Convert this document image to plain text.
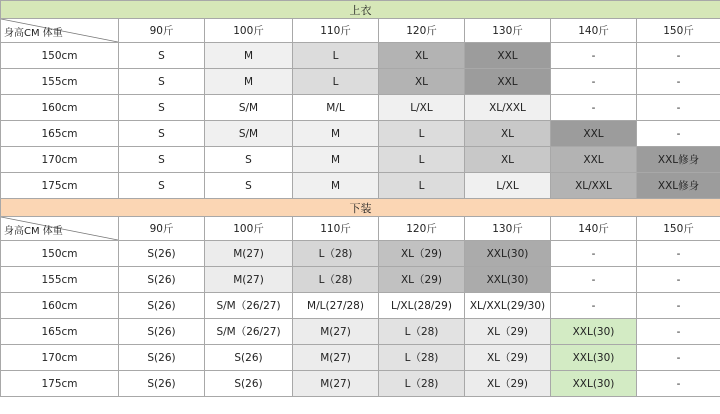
上衣							

身高CM 体重	90斤	100斤	110斤	120斤	130斤	140斤	150斤
150cm	S	M	L	XL	XXL	-	-
155cm	S	M	L	XL	XXL	-	-
160cm	S	S/M	M/L	L/XL	XL/XXL	-	-
165cm	S	S/M	M	L	XL	XXL	-
170cm	S	S	M	L	XL	XXL	XXL修身
175cm	S	S	M	L	L/XL	XL/XXL	XXL修身
下装							

身高CM 体重	90斤	100斤	110斤	120斤	130斤	140斤	150斤
150cm	S(26)	M(27)	L（28)	XL（29)	XXL(30)	-	-
155cm	S(26)	M(27)	L（28)	XL（29)	XXL(30)	-	-
160cm	S(26)	S/M（26/27)	M/L(27/28)	L/XL(28/29)	XL/XXL(29/30)	-	-
165cm	S(26)	S/M（26/27)	M(27)	L（28)	XL（29)	XXL(30)	-
170cm	S(26)	S(26)	M(27)	L（28)	XL（29)	XXL(30)	-
175cm	S(26)	S(26)	M(27)	L（28)	XL（29)	XXL(30)	-
